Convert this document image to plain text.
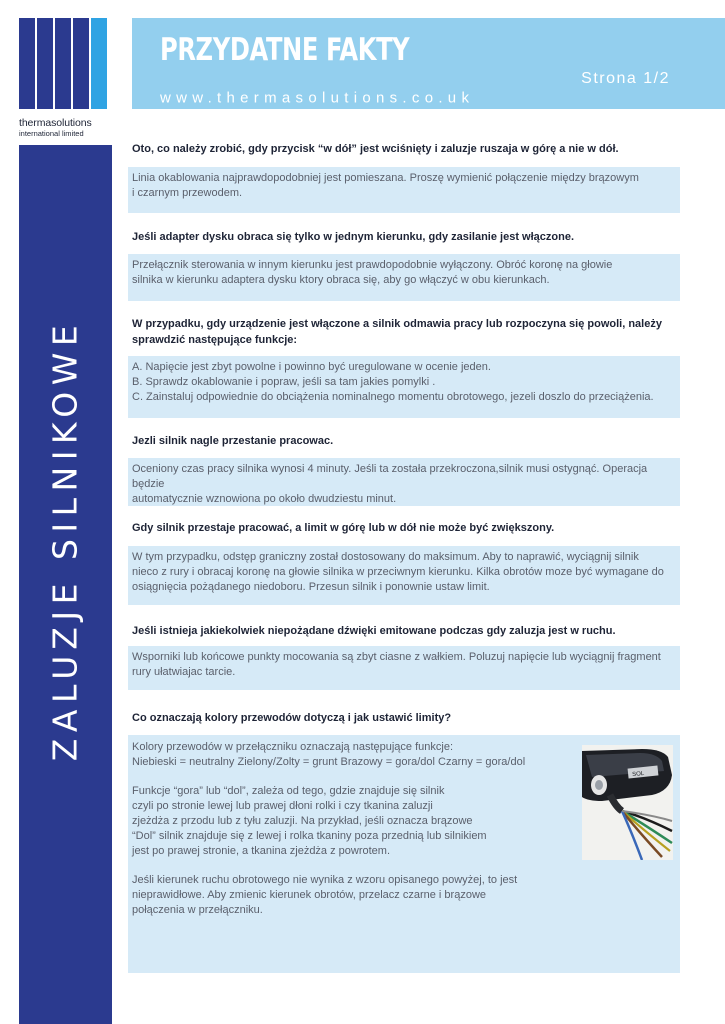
thermasolutions
international limited
PRZYDATNE FAKTY
Strona 1/2
www.thermasolutions.co.uk
ZALUZJE SILNIKOWE
Oto, co należy zrobić, gdy przycisk “w dół” jest wciśnięty i zaluzje ruszaja w górę a nie w dół.

Linia okablowania najprawdopodobniej jest pomieszana. Proszę wymienić połączenie między brązowym

i czarnym przewodem.

Jeśli adapter dysku obraca się tylko w jednym kierunku, gdy zasilanie jest włączone.

Przełącznik sterowania w innym kierunku jest prawdopodobnie wyłączony. Obróć koronę na głowie

silnika w kierunku adaptera dysku ktory obraca się, aby go włączyć w obu kierunkach.

W przypadku, gdy urządzenie jest włączone a silnik odmawia pracy lub rozpoczyna się powoli, należy sprawdzić następujące funkcje:

A. Napięcie jest zbyt powolne i powinno być uregulowane w ocenie jeden.

B. Sprawdz okablowanie i popraw, jeśli sa tam jakies pomylki .

C. Zainstaluj odpowiednie do obciążenia nominalnego momentu obrotowego, jezeli doszlo do przeciążenia.

Jezli silnik nagle przestanie pracowac.

Oceniony czas pracy silnika wynosi 4 minuty. Jeśli ta została przekroczona,silnik musi ostygnąć. Operacja będzie

automatycznie wznowiona po około dwudziestu minut.

Gdy silnik przestaje pracować, a limit w górę lub w dół nie może być zwiększony.

W tym przypadku, odstęp graniczny został dostosowany do maksimum. Aby to naprawić, wyciągnij silnik

nieco z rury i obracaj koronę na głowie silnika w przeciwnym kierunku. Kilka obrotów moze być wymagane do

osiągnięcia pożądanego niedoboru. Przesun silnik i ponownie ustaw limit.

Jeśli istnieja jakiekolwiek niepożądane dźwięki emitowane podczas gdy zaluzja jest w ruchu.

Wsporniki lub końcowe punkty mocowania są zbyt ciasne z wałkiem. Poluzuj napięcie lub wyciągnij fragment

rury ułatwiajac tarcie.

Co oznaczają kolory przewodów dotyczą i jak ustawić limity?

Kolory przewodów w przełączniku oznaczają następujące funkcje:

Niebieski = neutralny Zielony/Zolty = grunt Brazowy = gora/dol Czarny = gora/dol

Funkcje “gora” lub “dol”, zależa od tego, gdzie znajduje się silnik

czyli po stronie lewej lub prawej dłoni rolki i czy tkanina zaluzji

zjeżdża z przodu lub z tyłu zaluzji. Na przykład, jeśli oznacza brązowe

“Dol” silnik znajduje się z lewej i rolka tkaniny poza przednią lub silnikiem

jest po prawej stronie, a tkanina zjeżdża z powrotem.

Jeśli kierunek ruchu obrotowego nie wynika z wzoru opisanego powyżej, to jest

nieprawidłowe. Aby zmienic kierunek obrotów, przelacz czarne i brązowe

połączenia w przełączniku.

SOL
